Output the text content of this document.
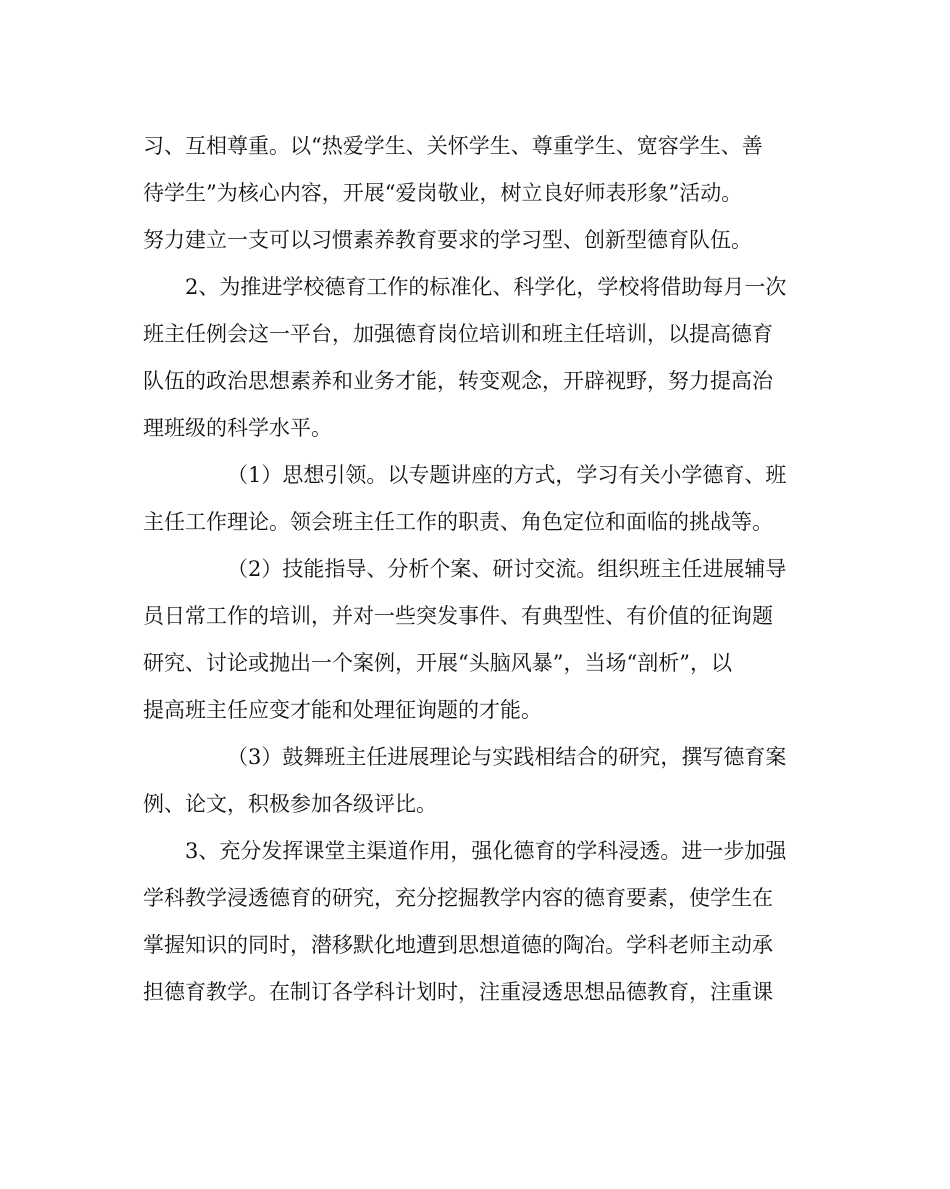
习、互相尊重。以“热爱学生、关怀学生、尊重学生、宽容学生、善
待学生”为核心内容，开展“爱岗敬业，树立良好师表形象”活动。
努力建立一支可以习惯素养教育要求的学习型、创新型德育队伍。
2、为推进学校德育工作的标准化、科学化，学校将借助每月一次
班主任例会这一平台，加强德育岗位培训和班主任培训，以提高德育
队伍的政治思想素养和业务才能，转变观念，开辟视野，努力提高治
理班级的科学水平。
（1）思想引领。以专题讲座的方式，学习有关小学德育、班
主任工作理论。领会班主任工作的职责、角色定位和面临的挑战等。
（2）技能指导、分析个案、研讨交流。组织班主任进展辅导
员日常工作的培训，并对一些突发事件、有典型性、有价值的征询题
研究、讨论或抛出一个案例，开展“头脑风暴”，当场“剖析”，以
提高班主任应变才能和处理征询题的才能。
（3）鼓舞班主任进展理论与实践相结合的研究，撰写德育案
例、论文，积极参加各级评比。
3、充分发挥课堂主渠道作用，强化德育的学科浸透。进一步加强
学科教学浸透德育的研究，充分挖掘教学内容的德育要素，使学生在
掌握知识的同时，潜移默化地遭到思想道德的陶冶。学科老师主动承
担德育教学。在制订各学科计划时，注重浸透思想品德教育，注重课
